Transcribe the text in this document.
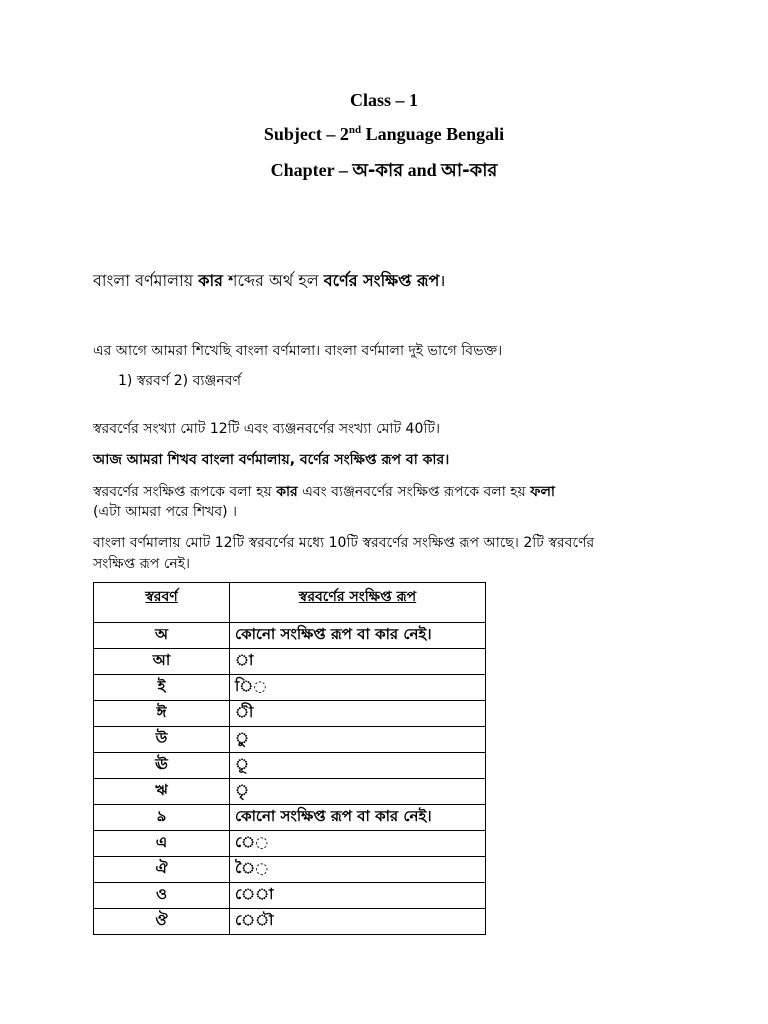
Class – 1
Subject – 2nd Language Bengali
Chapter – অ-কার and আ-কার
বাংলা বর্ণমালায় কার শব্দের অর্থ হল বর্ণের সংক্ষিপ্ত রূপ।
এর আগে আমরা শিখেছি বাংলা বর্ণমালা। বাংলা বর্ণমালা দুই ভাগে বিভক্ত।
1) স্বরবর্ণ 2) ব্যঞ্জনবর্ণ
স্বরবর্ণের সংখ্যা মোট 12টি এবং ব্যঞ্জনবর্ণের সংখ্যা মোট 40টি।
আজ আমরা শিখব বাংলা বর্ণমালায়, বর্ণের সংক্ষিপ্ত রূপ বা কার।
স্বরবর্ণের সংক্ষিপ্ত রূপকে বলা হয় কার এবং ব্যঞ্জনবর্ণের সংক্ষিপ্ত রূপকে বলা হয় ফলা
(এটা আমরা পরে শিখব) ।
বাংলা বর্ণমালায় মোট 12টি স্বরবর্ণের মধ্যে 10টি স্বরবর্ণের সংক্ষিপ্ত রূপ আছে। 2টি স্বরবর্ণের
সংক্ষিপ্ত রূপ নেই।
স্বরবর্ণ	স্বরবর্ণের সংক্ষিপ্ত রূপ
অ	কোনো সংক্ষিপ্ত রূপ বা কার নেই।
আ	◌া
ই	ি◌
ঈ	◌ী
উ	◌ু
ঊ	◌ূ
ঋ	◌ৃ
ঌ	কোনো সংক্ষিপ্ত রূপ বা কার নেই।
এ	ে◌
ঐ	ৈ◌
ও	ে◌া
ঔ	ে◌ৗ
